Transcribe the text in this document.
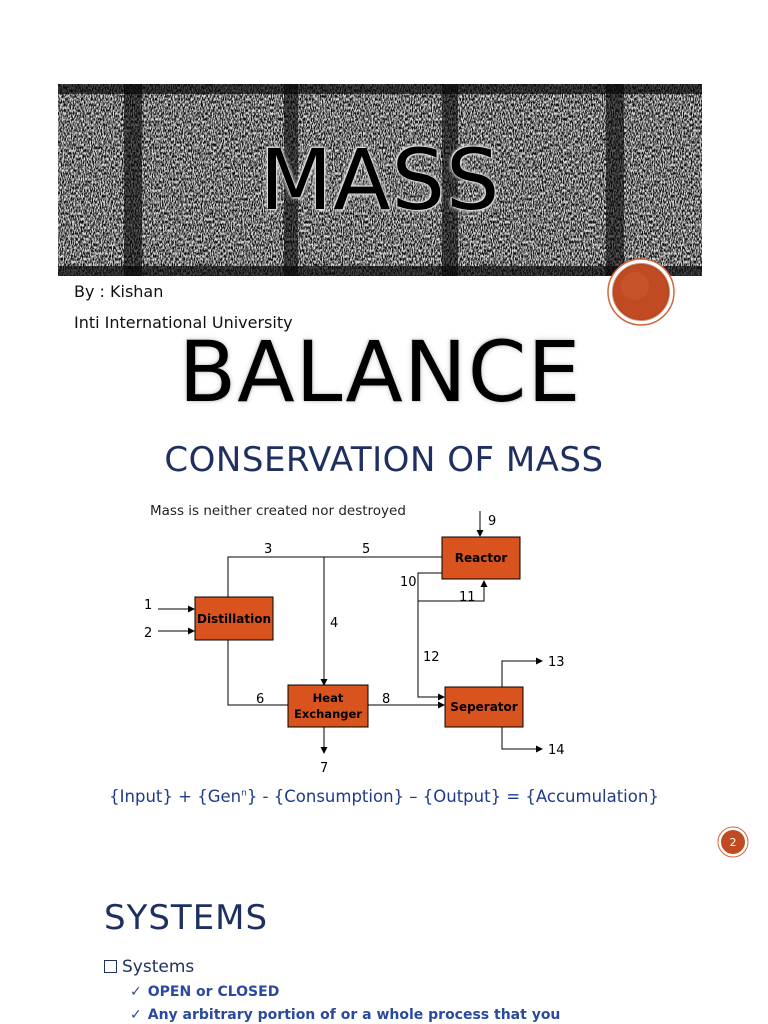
MASS BALANCE
By : Kishan
Inti International University
CONSERVATION OF MASS
Mass is neither created nor destroyed
Distillation
Heat
Exchanger
Reactor
Seperator
1
2
3
4
5
6
7
8
9
10
11
12	13
14
{Input} + {Gen$^n$} - {Consumption} – {Output} = {Accumulation}
2
SYSTEMS
Systems
✓ OPEN or CLOSED
✓ Any arbitrary portion of or a whole process that you
